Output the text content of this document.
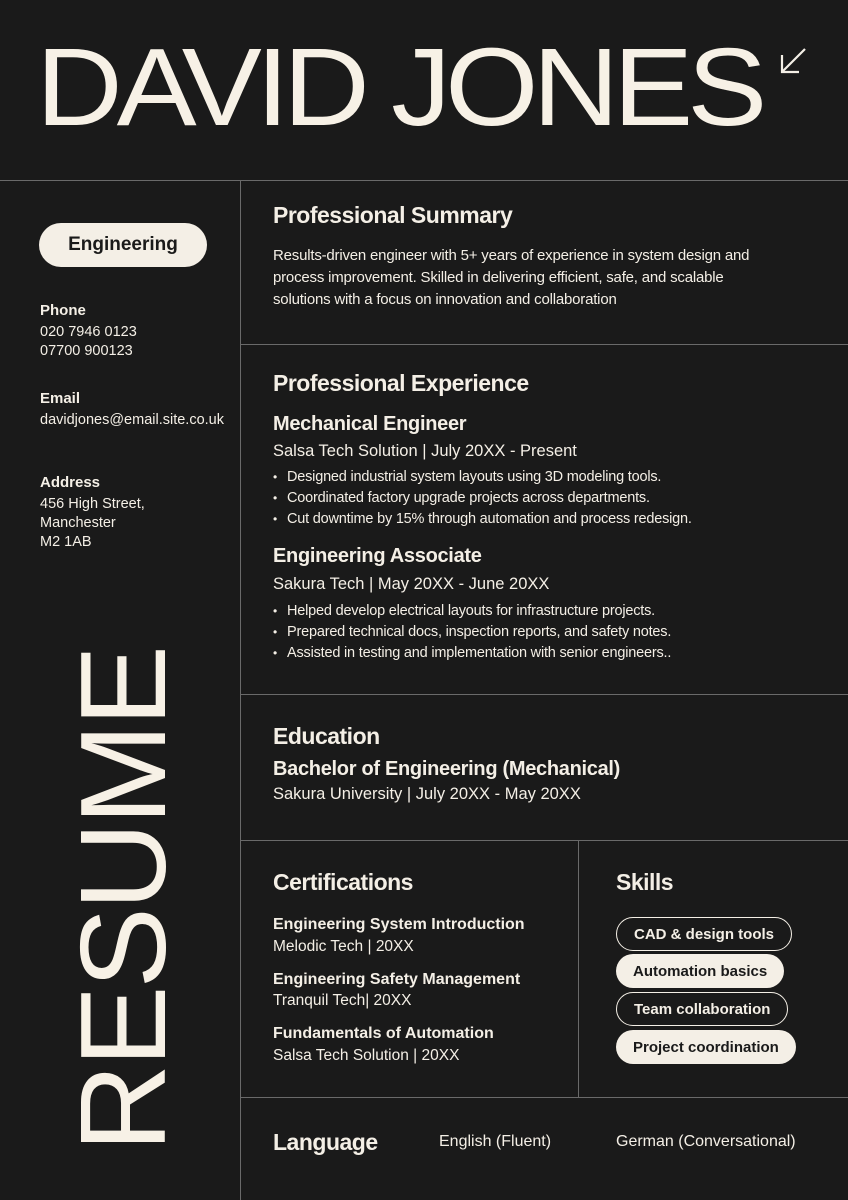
DAVID JONES
Engineering
Phone
020 7946 0123
07700 900123
Email
davidjones@email.site.co.uk
Address
456 High Street,
Manchester
M2 1AB
RESUME
Professional Summary
Results-driven engineer with 5+ years of experience in system design and process improvement. Skilled in delivering efficient, safe, and scalable solutions with a focus on innovation and collaboration
Professional Experience
Mechanical Engineer
Salsa Tech Solution | July 20XX - Present
• Designed industrial system layouts using 3D modeling tools.
• Coordinated factory upgrade projects across departments.
• Cut downtime by 15% through automation and process redesign.
Engineering Associate
Sakura Tech | May 20XX - June 20XX
• Helped develop electrical layouts for infrastructure projects.
• Prepared technical docs, inspection reports, and safety notes.
• Assisted in testing and implementation with senior engineers..
Education
Bachelor of Engineering (Mechanical)
Sakura University | July 20XX - May 20XX
Certifications
Engineering System Introduction
Melodic Tech | 20XX
Engineering Safety Management
Tranquil Tech| 20XX
Fundamentals of Automation
Salsa Tech Solution | 20XX
Skills
CAD & design tools
Automation basics
Team collaboration
Project coordination
Language	English (Fluent)	German (Conversational)
